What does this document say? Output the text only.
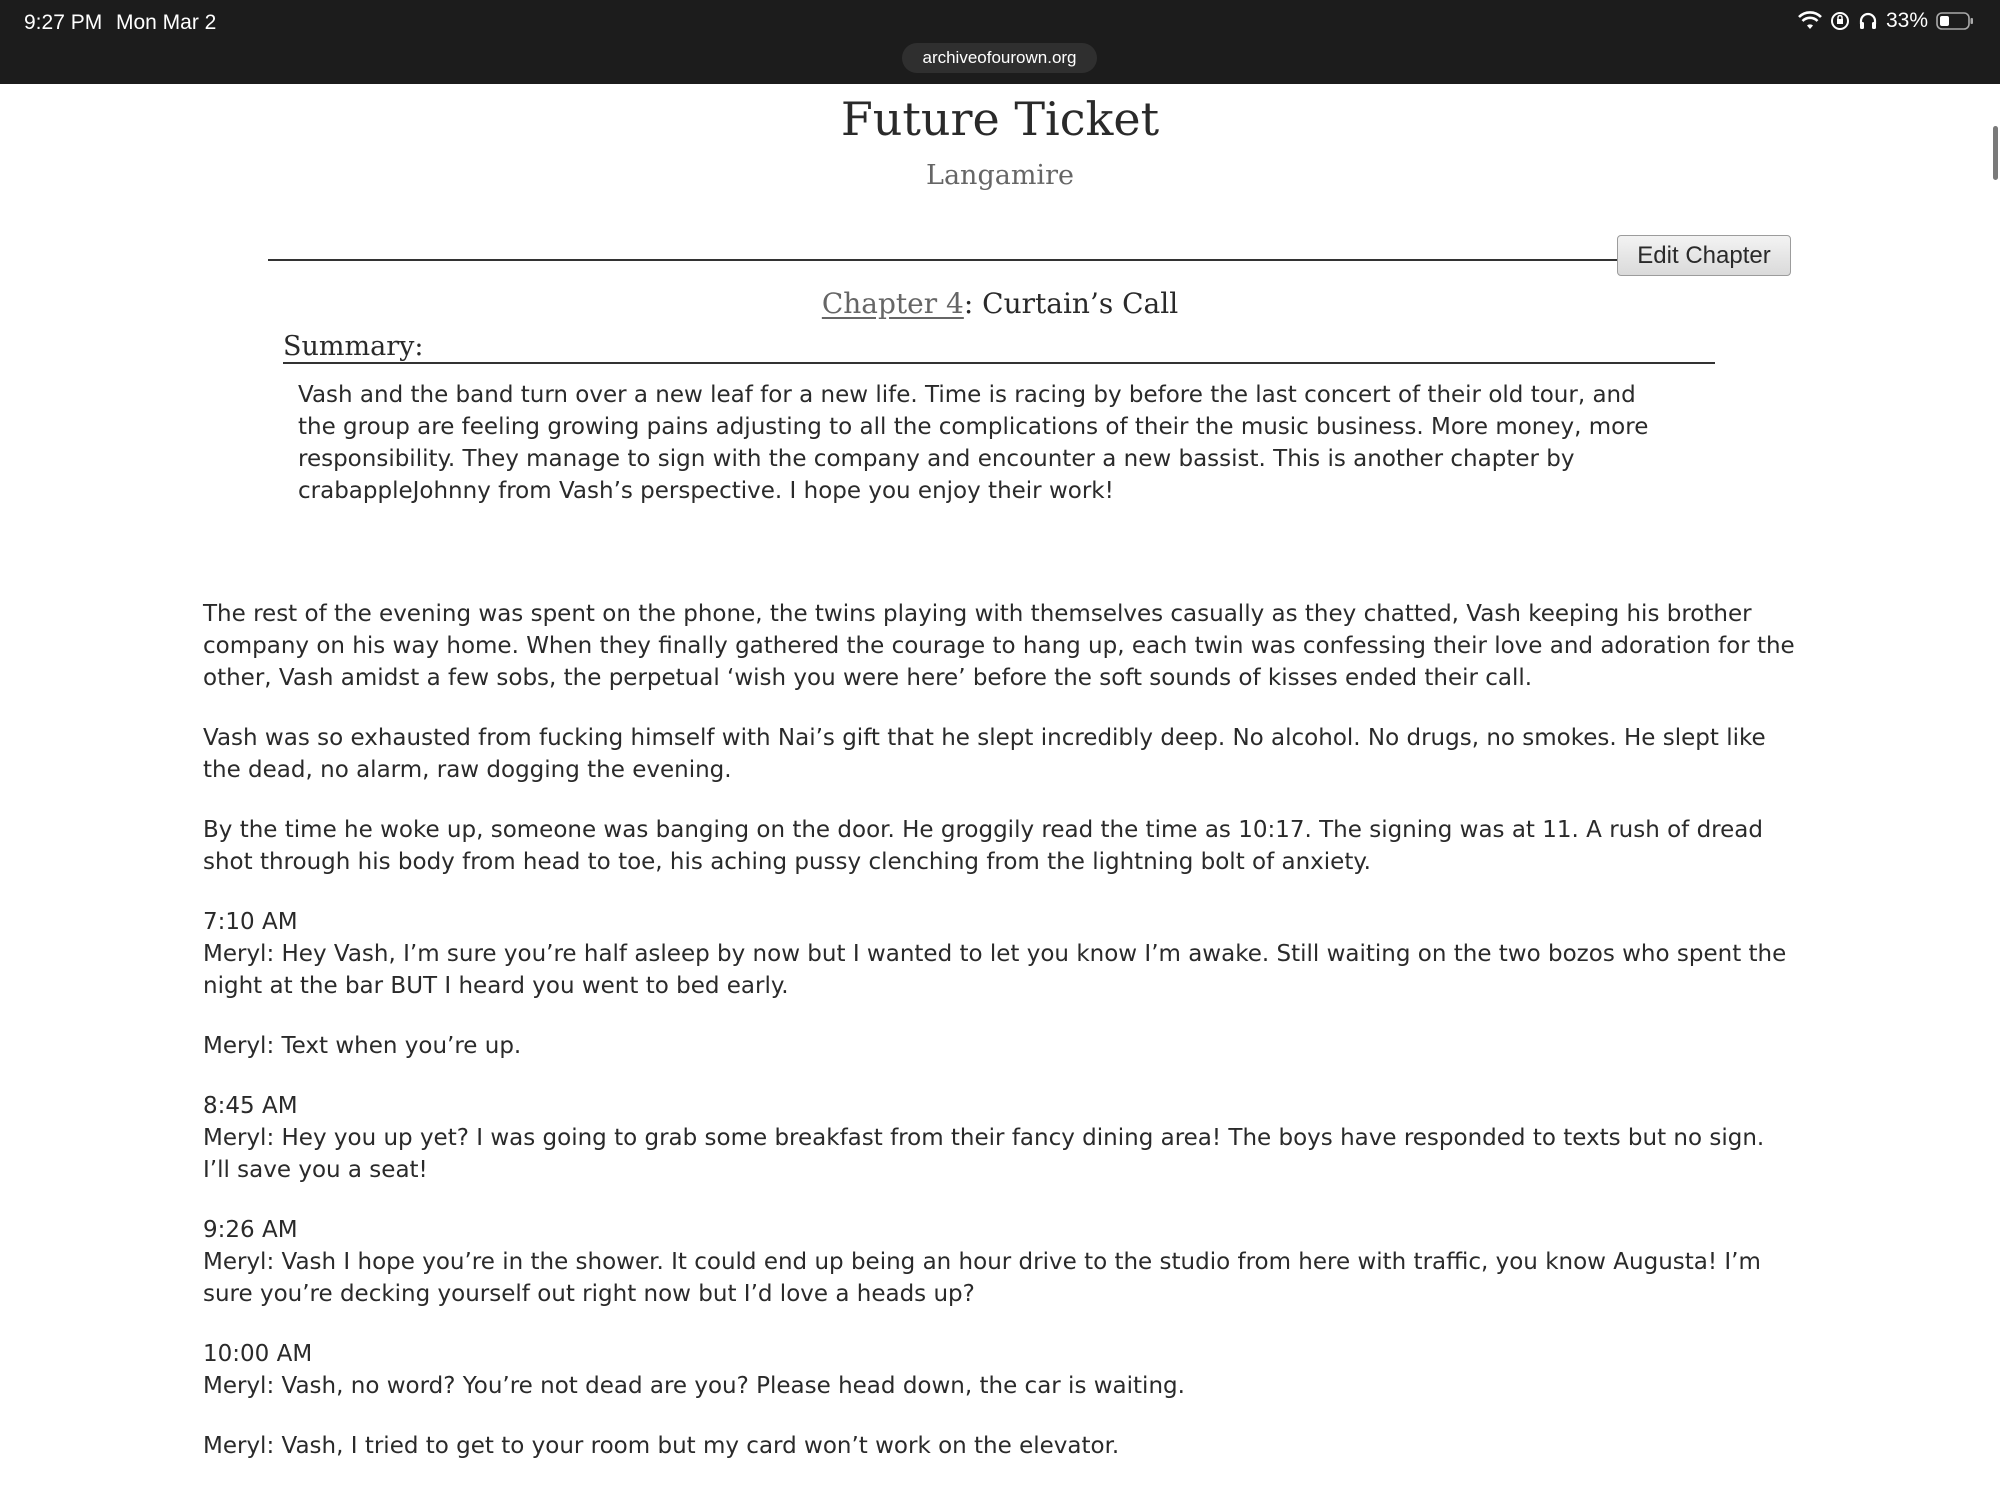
9:27 PM Mon Mar 2	33%
archiveofourown.org
Future Ticket
Langamire
Edit Chapter
Chapter 4: Curtain’s Call
Summary:
Vash and the band turn over a new leaf for a new life. Time is racing by before the last concert of their old tour, and the group are feeling growing pains adjusting to all the complications of their the music business. More money, more responsibility. They manage to sign with the company and encounter a new bassist. This is another chapter by crabappleJohnny from Vash’s perspective. I hope you enjoy their work!

The rest of the evening was spent on the phone, the twins playing with themselves casually as they chatted, Vash keeping his brother company on his way home. When they finally gathered the courage to hang up, each twin was confessing their love and adoration for the other, Vash amidst a few sobs, the perpetual ‘wish you were here’ before the soft sounds of kisses ended their call.

Vash was so exhausted from fucking himself with Nai’s gift that he slept incredibly deep. No alcohol. No drugs, no smokes. He slept like the dead, no alarm, raw dogging the evening.

By the time he woke up, someone was banging on the door. He groggily read the time as 10:17. The signing was at 11. A rush of dread shot through his body from head to toe, his aching pussy clenching from the lightning bolt of anxiety.

7:10 AM
Meryl: Hey Vash, I’m sure you’re half asleep by now but I wanted to let you know I’m awake. Still waiting on the two bozos who spent the night at the bar BUT I heard you went to bed early.

Meryl: Text when you’re up.

8:45 AM
Meryl: Hey you up yet? I was going to grab some breakfast from their fancy dining area! The boys have responded to texts but no sign. I’ll save you a seat!

9:26 AM
Meryl: Vash I hope you’re in the shower. It could end up being an hour drive to the studio from here with traffic, you know Augusta! I’m sure you’re decking yourself out right now but I’d love a heads up?

10:00 AM
Meryl: Vash, no word? You’re not dead are you? Please head down, the car is waiting.

Meryl: Vash, I tried to get to your room but my card won’t work on the elevator.
